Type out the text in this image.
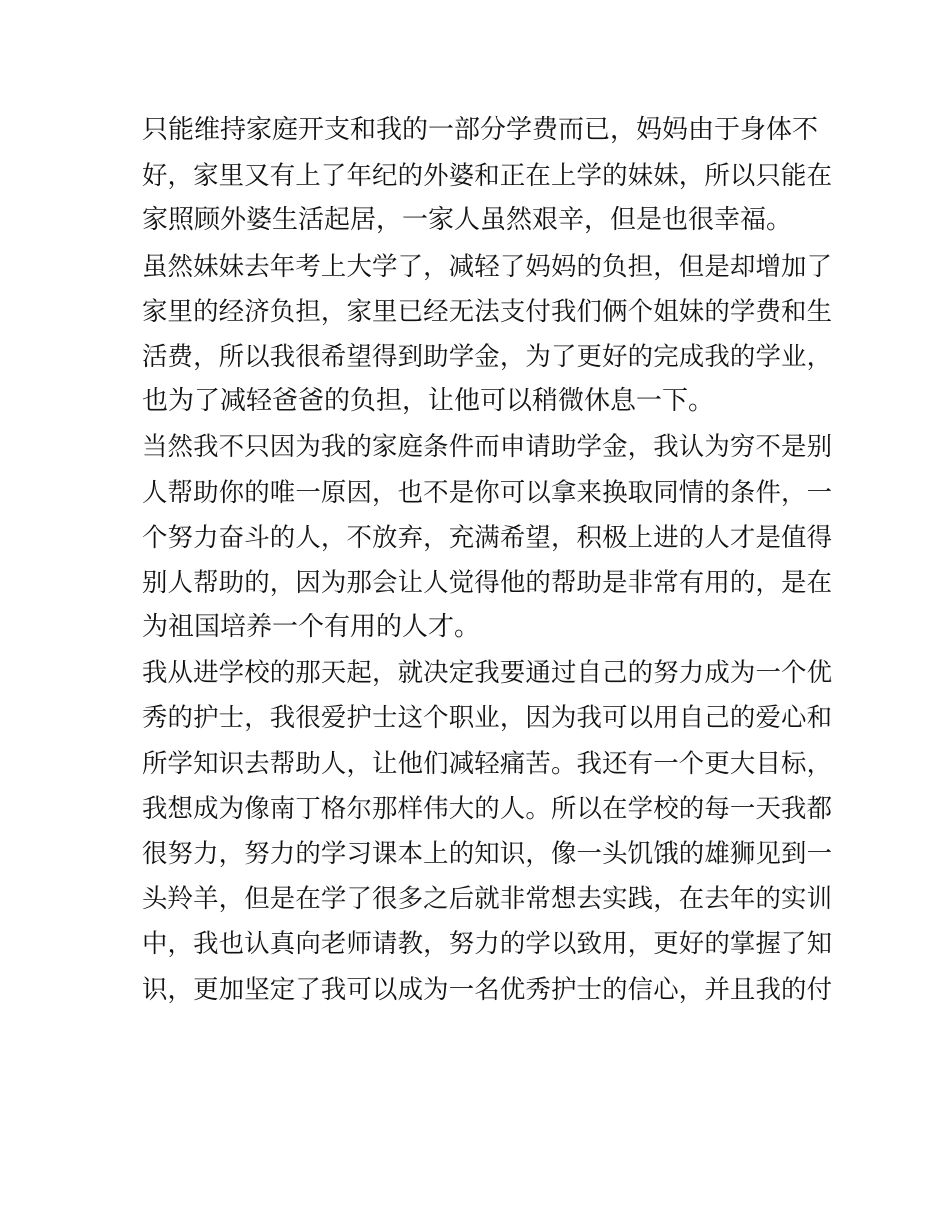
只能维持家庭开支和我的一部分学费而已，妈妈由于身体不
好，家里又有上了年纪的外婆和正在上学的妹妹，所以只能在
家照顾外婆生活起居，一家人虽然艰辛，但是也很幸福。
虽然妹妹去年考上大学了，减轻了妈妈的负担，但是却增加了
家里的经济负担，家里已经无法支付我们俩个姐妹的学费和生
活费，所以我很希望得到助学金，为了更好的完成我的学业，
也为了减轻爸爸的负担，让他可以稍微休息一下。
当然我不只因为我的家庭条件而申请助学金，我认为穷不是别
人帮助你的唯一原因，也不是你可以拿来换取同情的条件，一
个努力奋斗的人，不放弃，充满希望，积极上进的人才是值得
别人帮助的，因为那会让人觉得他的帮助是非常有用的，是在
为祖国培养一个有用的人才。
我从进学校的那天起，就决定我要通过自己的努力成为一个优
秀的护士，我很爱护士这个职业，因为我可以用自己的爱心和
所学知识去帮助人，让他们减轻痛苦。我还有一个更大目标，
我想成为像南丁格尔那样伟大的人。所以在学校的每一天我都
很努力，努力的学习课本上的知识，像一头饥饿的雄狮见到一
头羚羊，但是在学了很多之后就非常想去实践，在去年的实训
中，我也认真向老师请教，努力的学以致用，更好的掌握了知
识，更加坚定了我可以成为一名优秀护士的信心，并且我的付
